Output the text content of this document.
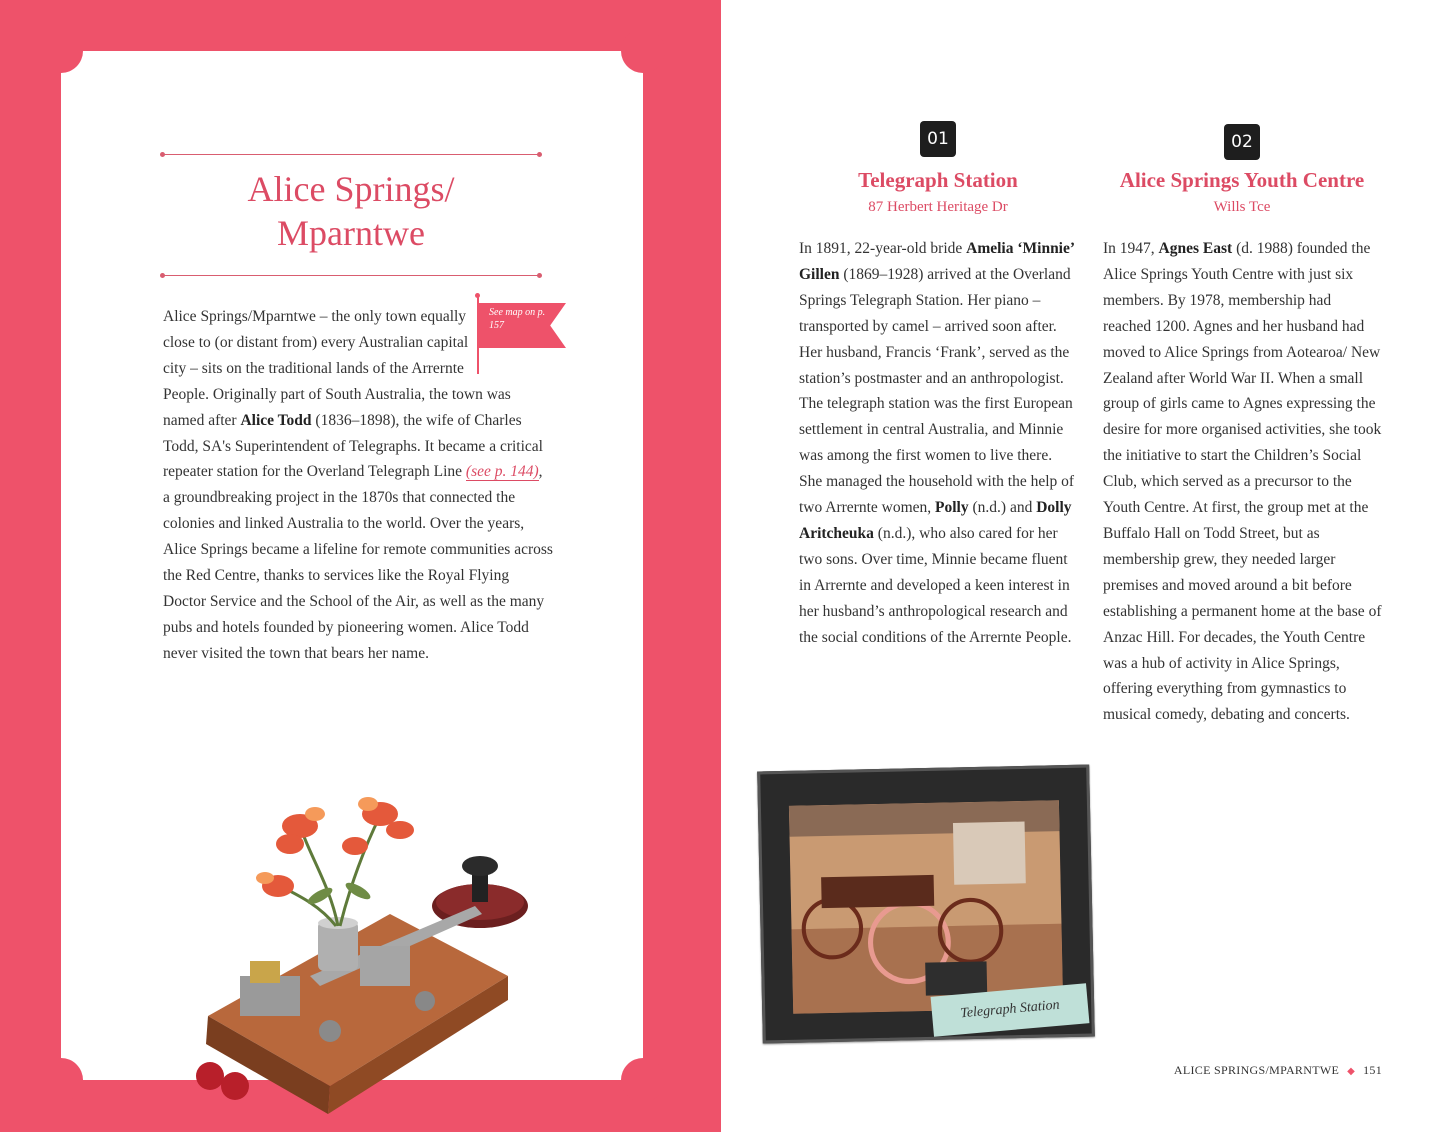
Alice Springs/
Mparntwe
See map on p. 157

Alice Springs/Mparntwe – the only town equally close to (or distant from) every Australian capital city – sits on the traditional lands of the Arrernte People. Originally part of South Australia, the town was named after Alice Todd (1836–1898), the wife of Charles Todd, SA's Superintendent of Telegraphs. It became a critical repeater station for the Overland Telegraph Line (see p. 144), a groundbreaking project in the 1870s that connected the colonies and linked Australia to the world. Over the years, Alice Springs became a lifeline for remote communities across the Red Centre, thanks to services like the Royal Flying Doctor Service and the School of the Air, as well as the many pubs and hotels founded by pioneering women. Alice Todd never visited the town that bears her name.

01
Telegraph Station
87 Herbert Heritage Dr

In 1891, 22-year-old bride Amelia ‘Minnie’ Gillen (1869–1928) arrived at the Overland Springs Telegraph Station. Her piano – transported by camel – arrived soon after. Her husband, Francis ‘Frank’, served as the station’s postmaster and an anthropologist. The telegraph station was the first European settlement in central Australia, and Minnie was among the first women to live there. She managed the household with the help of two Arrernte women, Polly (n.d.) and Dolly Aritcheuka (n.d.), who also cared for her two sons. Over time, Minnie became fluent in Arrernte and developed a keen interest in her husband’s anthropological research and the social conditions of the Arrernte People.

02
Alice Springs Youth Centre
Wills Tce

In 1947, Agnes East (d. 1988) founded the Alice Springs Youth Centre with just six members. By 1978, membership had reached 1200. Agnes and her husband had moved to Alice Springs from Aotearoa/ New Zealand after World War II. When a small group of girls came to Agnes expressing the desire for more organised activities, she took the initiative to start the Children’s Social Club, which served as a precursor to the Youth Centre. At first, the group met at the Buffalo Hall on Todd Street, but as membership grew, they needed larger premises and moved around a bit before establishing a permanent home at the base of Anzac Hill. For decades, the Youth Centre was a hub of activity in Alice Springs, offering everything from gymnastics to musical comedy, debating and concerts.

Telegraph Station
ALICE SPRINGS/MPARNTWE ◆ 151
